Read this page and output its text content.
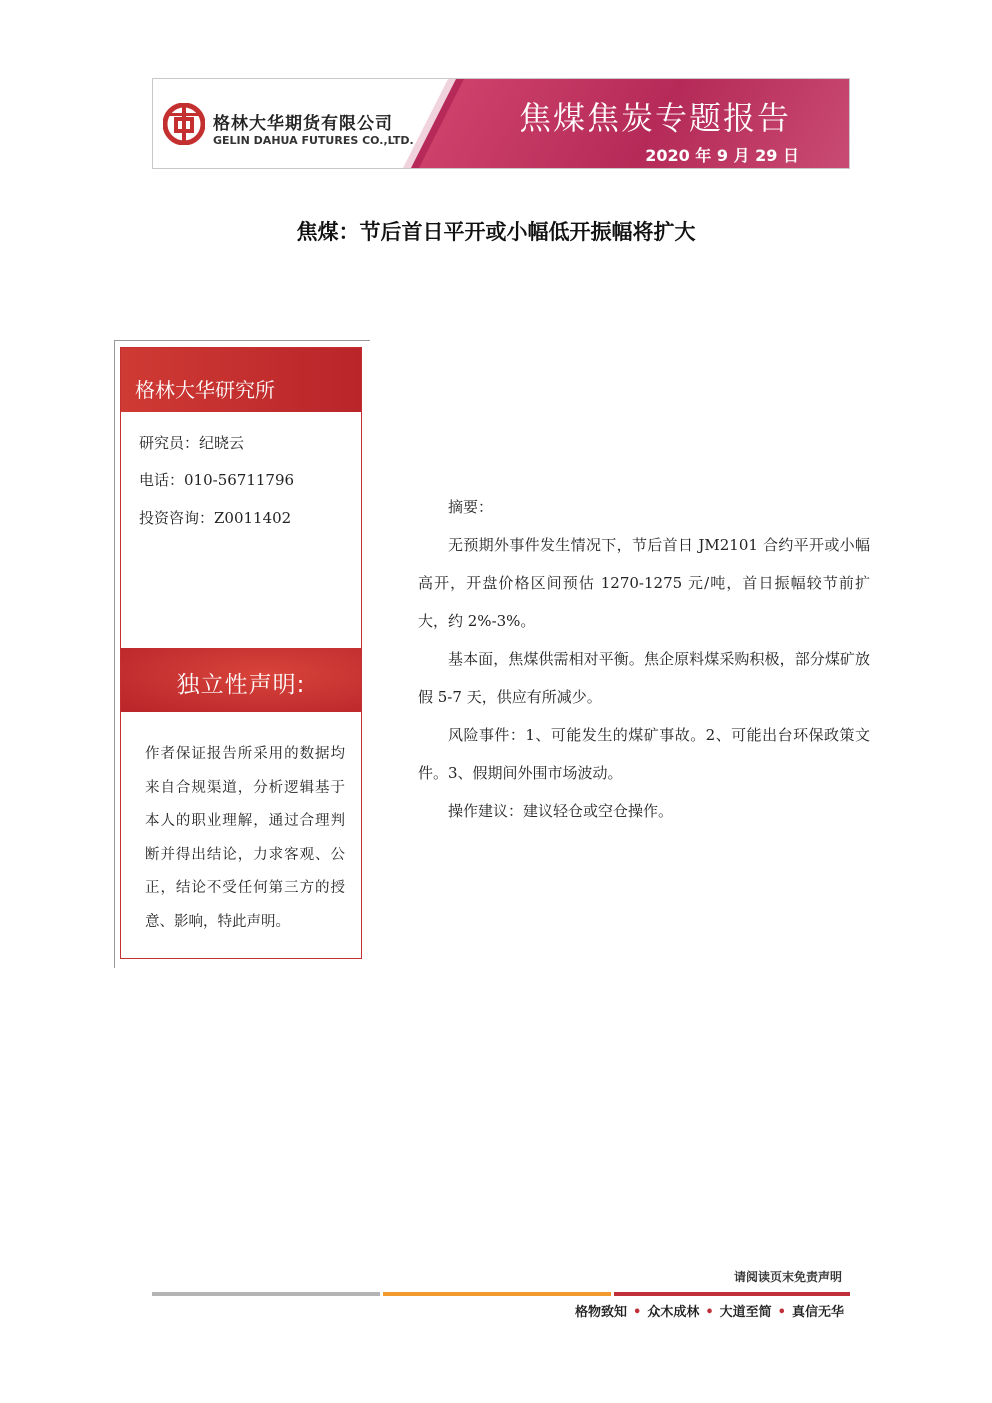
格林大华期货有限公司
GELIN DAHUA FUTURES CO.,LTD.
焦煤焦炭专题报告
2020 年 9 月 29 日
焦煤：节后首日平开或小幅低开振幅将扩大
格林大华研究所
研究员：纪晓云
电话：010-56711796
投资咨询：Z0011402
独立性声明:
作者保证报告所采用的数据均来自合规渠道，分析逻辑基于本人的职业理解，通过合理判断并得出结论，力求客观、公正，结论不受任何第三方的授意、影响，特此声明。

摘要：

无预期外事件发生情况下，节后首日 JM2101 合约平开或小幅高开，开盘价格区间预估 1270-1275 元/吨，首日振幅较节前扩大，约 2%-3%。

基本面，焦煤供需相对平衡。焦企原料煤采购积极，部分煤矿放假 5-7 天，供应有所减少。

风险事件：1、可能发生的煤矿事故。2、可能出台环保政策文件。3、假期间外围市场波动。

操作建议：建议轻仓或空仓操作。

请阅读页末免责声明
格物致知 • 众木成林 • 大道至简 • 真信无华
